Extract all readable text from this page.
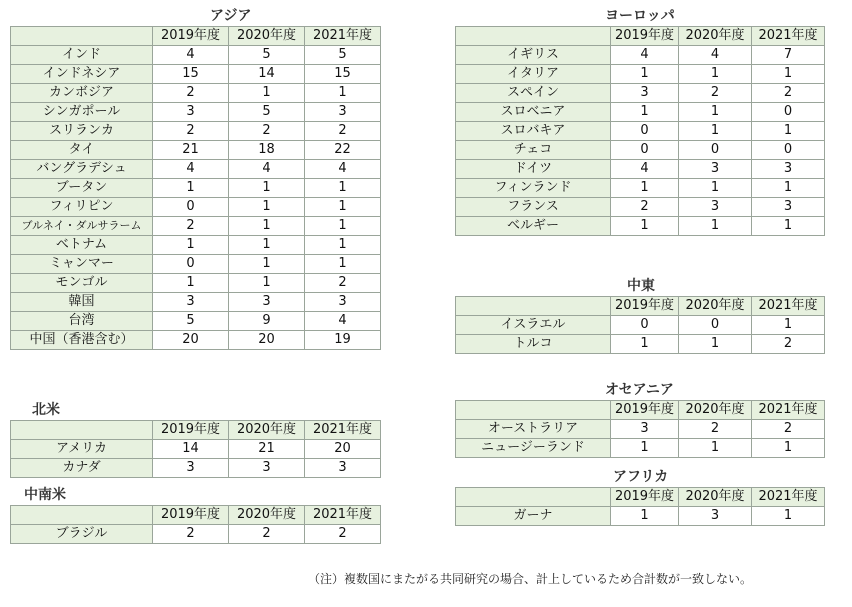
アジア
	2019年度	2020年度	2021年度
インド	4	5	5
インドネシア	15	14	15
カンボジア	2	1	1
シンガポール	3	5	3
スリランカ	2	2	2
タイ	21	18	22
バングラデシュ	4	4	4
ブータン	1	1	1
フィリピン	0	1	1
ブルネイ・ダルサラーム	2	1	1
ベトナム	1	1	1
ミャンマー	0	1	1
モンゴル	1	1	2
韓国	3	3	3
台湾	5	9	4
中国（香港含む）	20	20	19
北米
	2019年度	2020年度	2021年度
アメリカ	14	21	20
カナダ	3	3	3
中南米
	2019年度	2020年度	2021年度
ブラジル	2	2	2
ヨーロッパ
	2019年度	2020年度	2021年度
イギリス	4	4	7
イタリア	1	1	1
スペイン	3	2	2
スロベニア	1	1	0
スロバキア	0	1	1
チェコ	0	0	0
ドイツ	4	3	3
フィンランド	1	1	1
フランス	2	3	3
ベルギー	1	1	1
中東
	2019年度	2020年度	2021年度
イスラエル	0	0	1
トルコ	1	1	2
オセアニア
	2019年度	2020年度	2021年度
オーストラリア	3	2	2
ニュージーランド	1	1	1
アフリカ
	2019年度	2020年度	2021年度
ガーナ	1	3	1
（注）複数国にまたがる共同研究の場合、計上しているため合計数が一致しない。
